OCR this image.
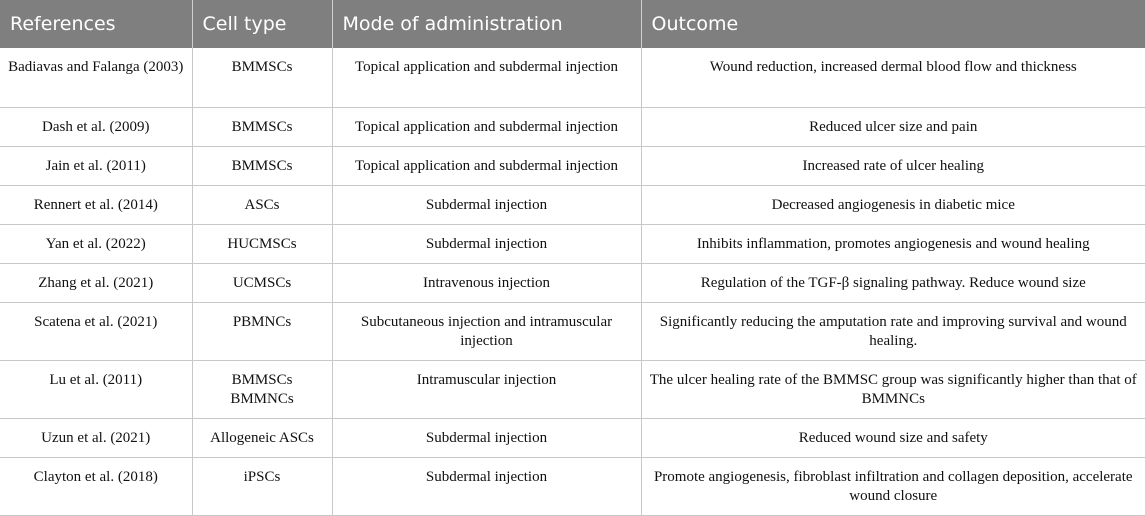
References	Cell type	Mode of administration	Outcome
Badiavas and Falanga (2003)	BMMSCs	Topical application and subdermal injection	Wound reduction, increased dermal blood flow and thickness
Dash et al. (2009)	BMMSCs	Topical application and subdermal injection	Reduced ulcer size and pain
Jain et al. (2011)	BMMSCs	Topical application and subdermal injection	Increased rate of ulcer healing
Rennert et al. (2014)	ASCs	Subdermal injection	Decreased angiogenesis in diabetic mice
Yan et al. (2022)	HUCMSCs	Subdermal injection	Inhibits inflammation, promotes angiogenesis and wound healing
Zhang et al. (2021)	UCMSCs	Intravenous injection	Regulation of the TGF-β signaling pathway. Reduce wound size
Scatena et al. (2021)	PBMNCs	Subcutaneous injection and intramuscular injection	Significantly reducing the amputation rate and improving survival and wound healing.
Lu et al. (2011)	BMMSCs BMMNCs	Intramuscular injection	The ulcer healing rate of the BMMSC group was significantly higher than that of BMMNCs
Uzun et al. (2021)	Allogeneic ASCs	Subdermal injection	Reduced wound size and safety
Clayton et al. (2018)	iPSCs	Subdermal injection	Promote angiogenesis, fibroblast infiltration and collagen deposition, accelerate wound closure
